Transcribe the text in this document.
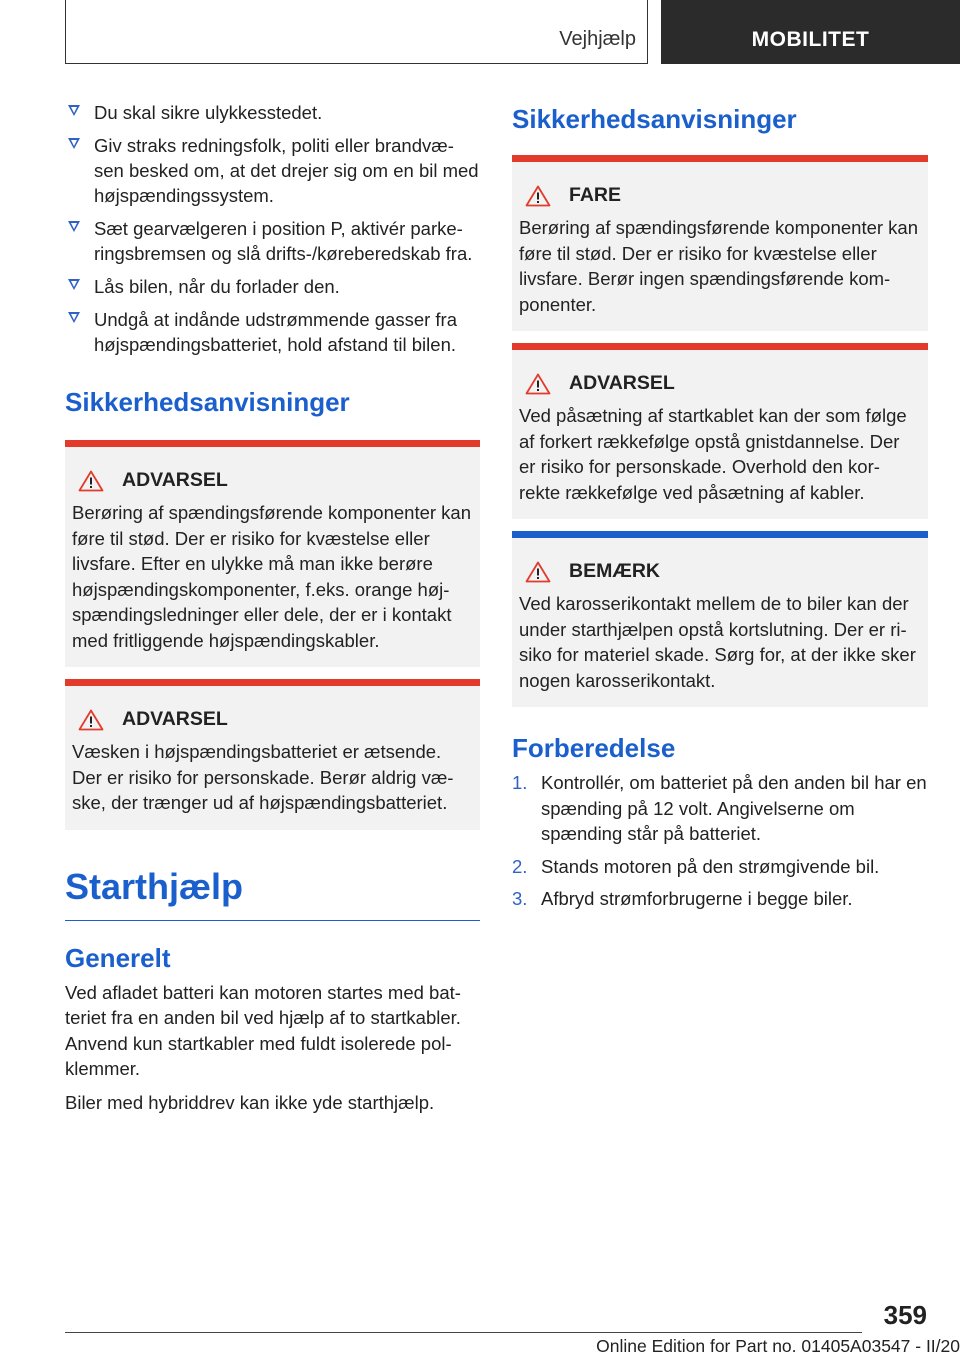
Vejhjælp	MOBILITET
Du skal sikre ulykkesstedet.
Giv straks redningsfolk, politi eller brandvæ-sen besked om, at det drejer sig om en bil med højspændingssystem.
Sæt gearvælgeren i position P, aktivér parke-ringsbremsen og slå drifts-/køreberedskab fra.
Lås bilen, når du forlader den.
Undgå at indånde udstrømmende gasser fra højspændingsbatteriet, hold afstand til bilen.
Sikkerhedsanvisninger
ADVARSEL
Berøring af spændingsførende komponenter kan føre til stød. Der er risiko for kvæstelse eller livsfare. Efter en ulykke må man ikke berøre højspændingskomponenter, f.eks. orange høj-spændingsledninger eller dele, der er i kontakt med fritliggende højspændingskabler.
ADVARSEL
Væsken i højspændingsbatteriet er ætsende. Der er risiko for personskade. Berør aldrig væ-ske, der trænger ud af højspændingsbatteriet.
Starthjælp
Generelt

Ved afladet batteri kan motoren startes med bat-teriet fra en anden bil ved hjælp af to startkabler. Anvend kun startkabler med fuldt isolerede pol-klemmer.

Biler med hybriddrev kan ikke yde starthjælp.

Sikkerhedsanvisninger
FARE
Berøring af spændingsførende komponenter kan føre til stød. Der er risiko for kvæstelse eller livsfare. Berør ingen spændingsførende kom-ponenter.
ADVARSEL
Ved påsætning af startkablet kan der som følge af forkert rækkefølge opstå gnistdannelse. Der er risiko for personskade. Overhold den kor-rekte rækkefølge ved påsætning af kabler.
BEMÆRK
Ved karosserikontakt mellem de to biler kan der under starthjælpen opstå kortslutning. Der er ri-siko for materiel skade. Sørg for, at der ikke sker nogen karosserikontakt.
Forberedelse
1. Kontrollér, om batteriet på den anden bil har en spænding på 12 volt. Angivelserne om spænding står på batteriet.
2. Stands motoren på den strømgivende bil.
3. Afbryd strømforbrugerne i begge biler.
359
Online Edition for Part no. 01405A03547 - II/20
